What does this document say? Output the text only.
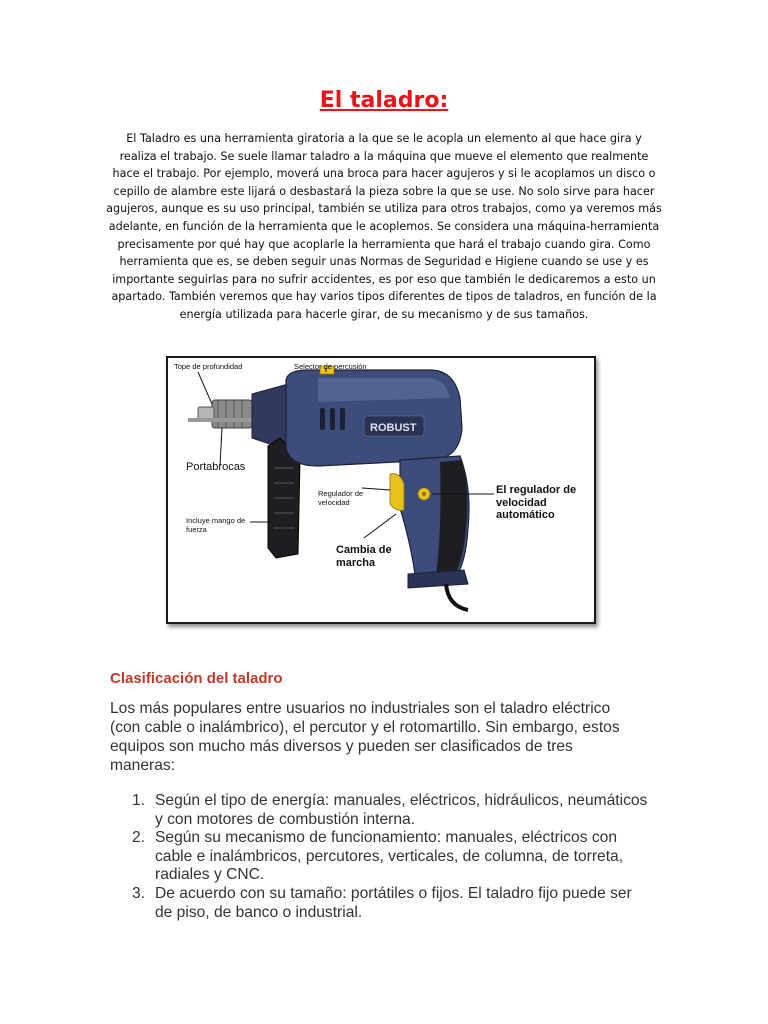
El taladro:

El Taladro es una herramienta giratoria a la que se le acopla un elemento al que hace gira y realiza el trabajo. Se suele llamar taladro a la máquina que mueve el elemento que realmente hace el trabajo. Por ejemplo, moverá una broca para hacer agujeros y si le acoplamos un disco o cepillo de alambre este lijará o desbastará la pieza sobre la que se use. No solo sirve para hacer agujeros, aunque es su uso principal, también se utiliza para otros trabajos, como ya veremos más adelante, en función de la herramienta que le acoplemos. Se considera una máquina-herramienta precisamente por qué hay que acoplarle la herramienta que hará el trabajo cuando gira. Como herramienta que es, se deben seguir unas Normas de Seguridad e Higiene cuando se use y es importante seguirlas para no sufrir accidentes, es por eso que también le dedicaremos a esto un apartado. También veremos que hay varios tipos diferentes de tipos de taladros, en función de la energía utilizada para hacerle girar, de su mecanismo y de sus tamaños.

ROBUST
Tope de profundidad	Selector de percusión
Portabrocas
Regulador de velocidad
Incluye mango de fuerza
Cambia de marcha
El regulador de velocidad automático
Clasificación del taladro

Los más populares entre usuarios no industriales son el taladro eléctrico (con cable o inalámbrico), el percutor y el rotomartillo. Sin embargo, estos equipos son mucho más diversos y pueden ser clasificados de tres maneras:

1. Según el tipo de energía: manuales, eléctricos, hidráulicos, neumáticos y con motores de combustión interna.
2. Según su mecanismo de funcionamiento: manuales, eléctricos con cable e inalámbricos, percutores, verticales, de columna, de torreta, radiales y CNC.
3. De acuerdo con su tamaño: portátiles o fijos. El taladro fijo puede ser de piso, de banco o industrial.
